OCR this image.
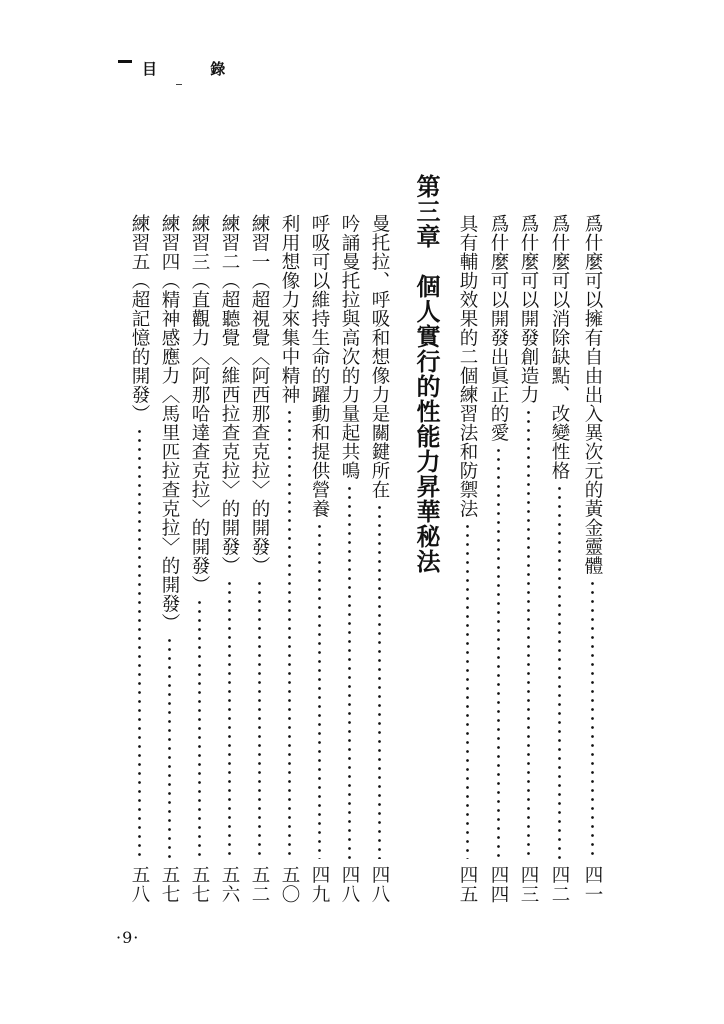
目 錄
爲什麼可以擁有自由出入異次元的黃金靈體
四一
爲什麼可以消除缺點、改變性格
四二
爲什麼可以開發創造力
四三
爲什麼可以開發出眞正的愛
四四
具有輔助效果的二個練習法和防禦法
四五
第三章　個人實行的性能力昇華秘法
曼托拉、呼吸和想像力是關鍵所在
四八
吟誦曼托拉與高次的力量起共鳴
四八
呼吸可以維持生命的躍動和提供營養
四九
利用想像力來集中精神
五〇
練習一︵超視覺︿阿西那查克拉﹀的開發︶
五二
練習二︵超聽覺︿維西拉查克拉﹀的開發︶
五六
練習三︵直觀力︿阿那哈達查克拉﹀的開發︶
五七
練習四︵精神感應力︿馬里匹拉查克拉﹀的開發︶
五七
練習五︵超記憶的開發︶
五八
·9·
